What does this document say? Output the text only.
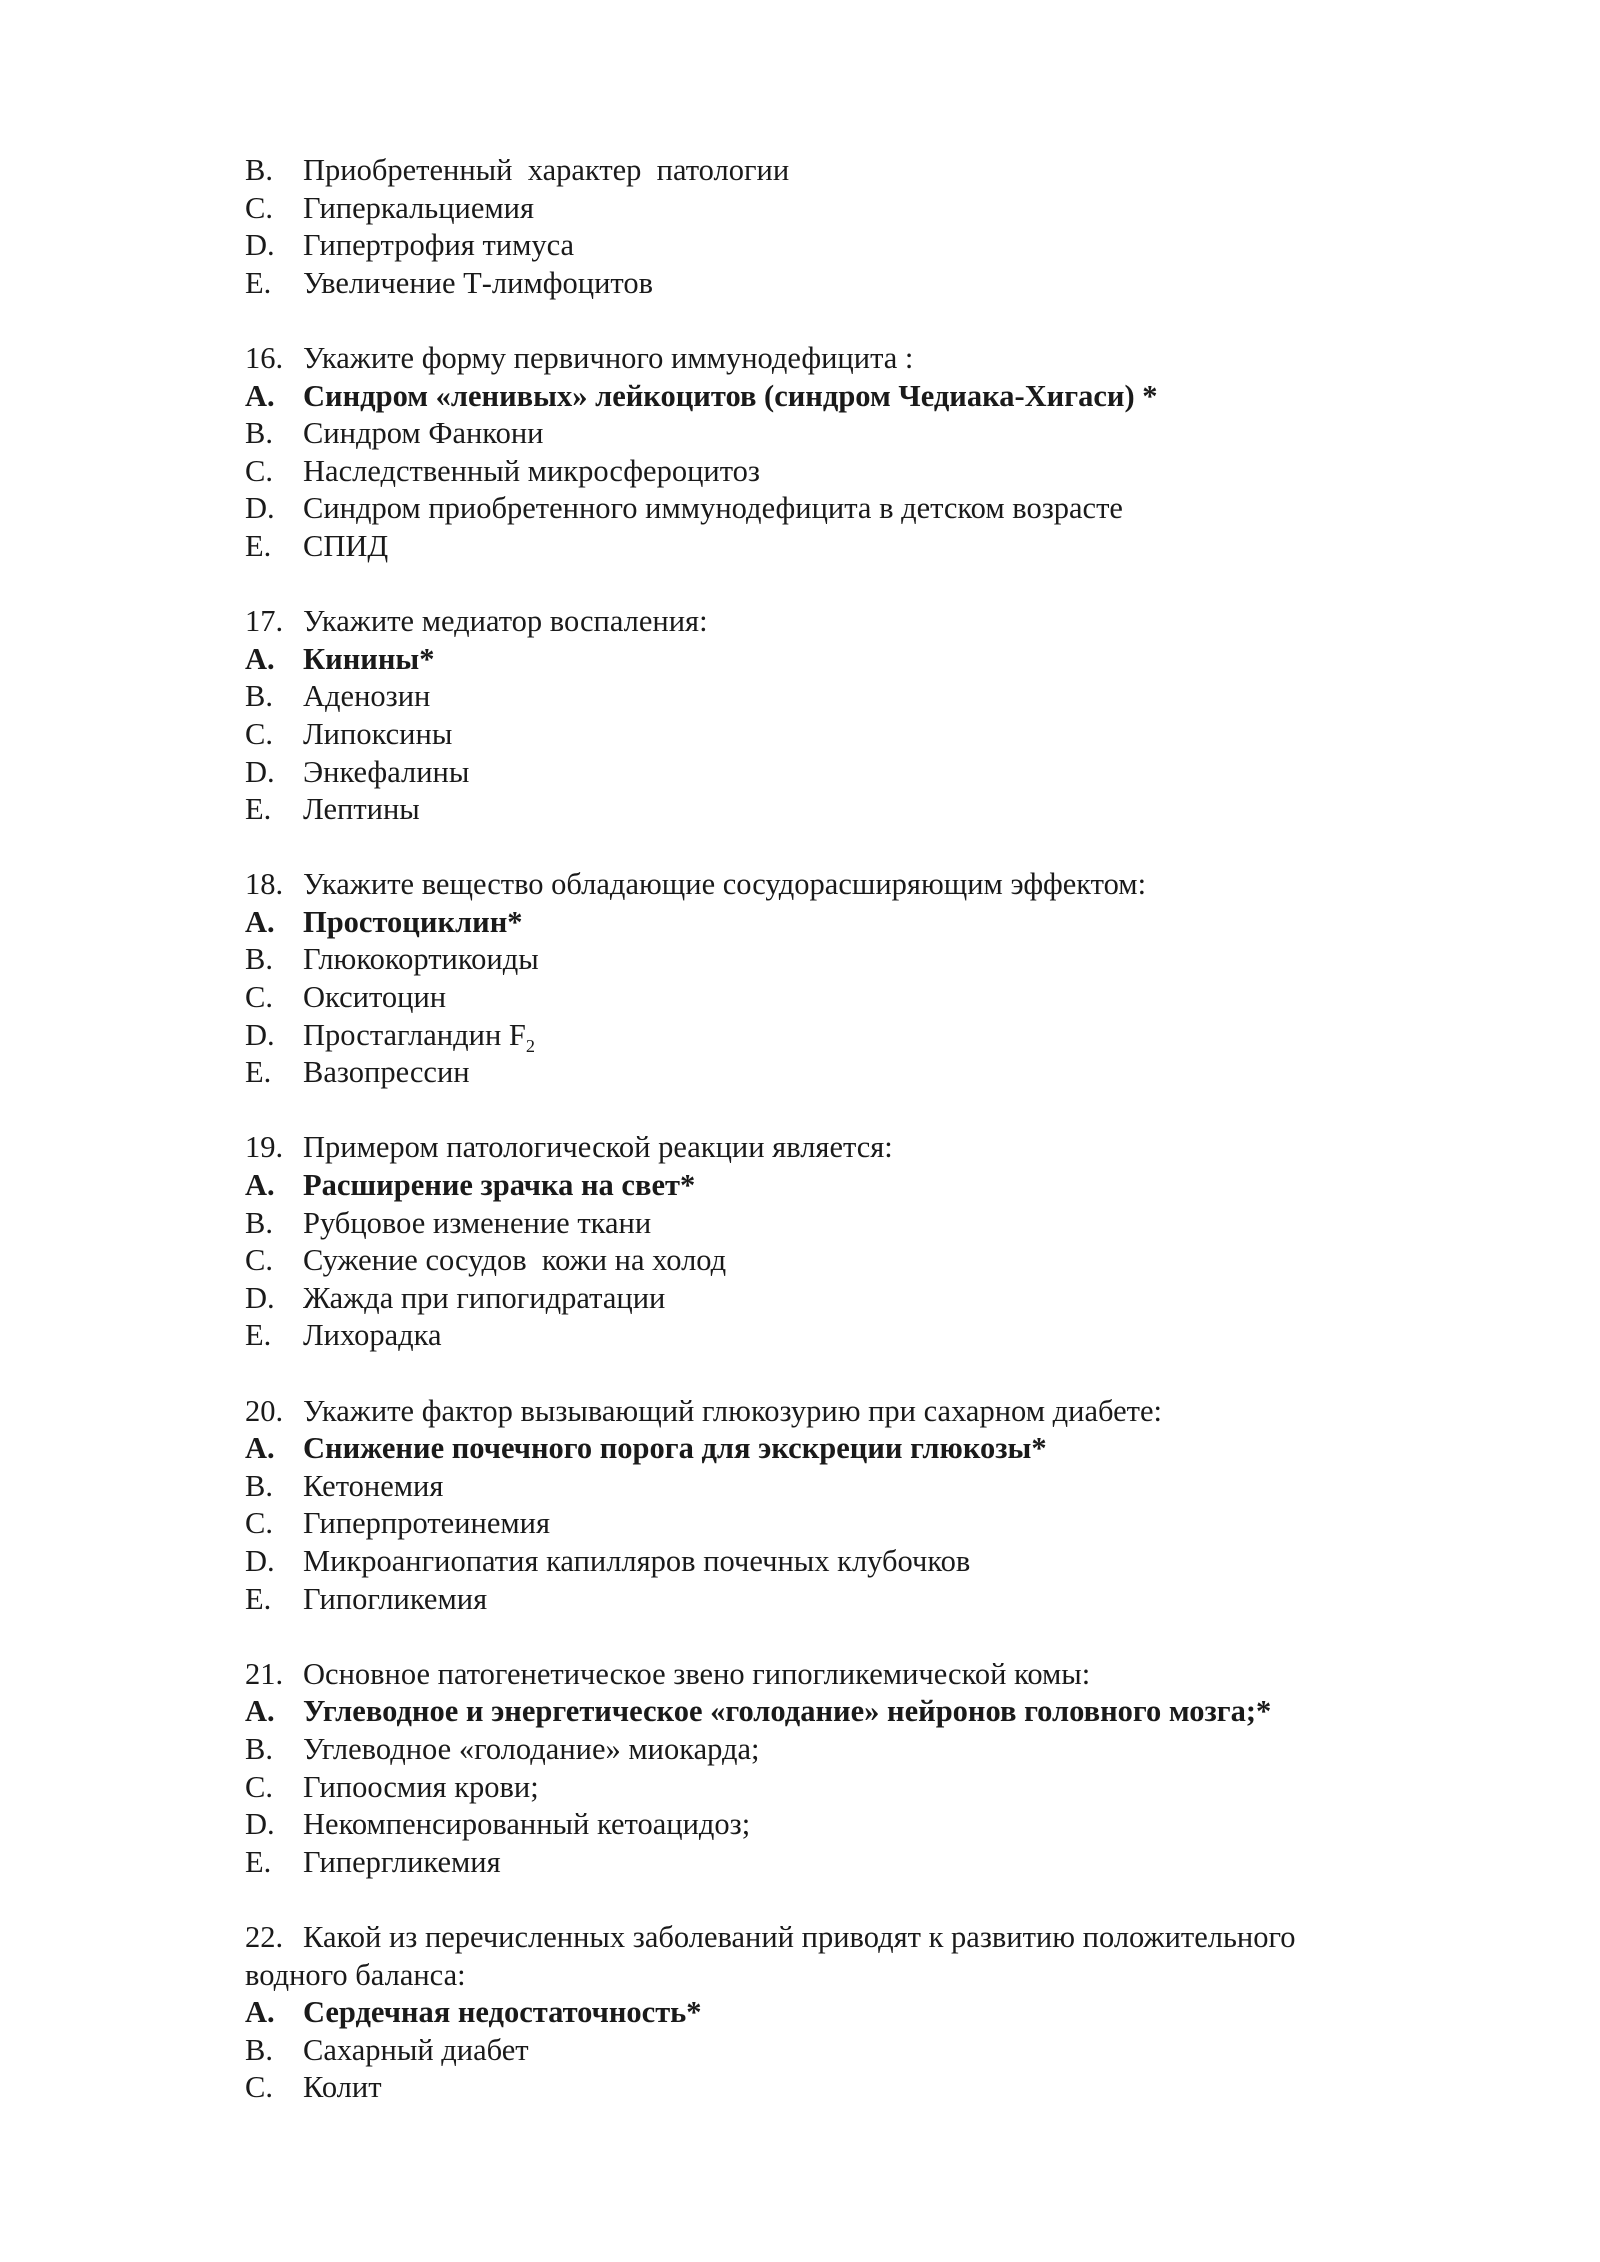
B. Приобретенный  характер  патологии
C. Гиперкальциемия
D. Гипертрофия тимуса
E.	Увеличение Т-лимфоцитов
16. Укажите форму первичного иммунодефицита :
A. Синдром «ленивых» лейкоцитов (синдром Чедиака-Хигаси) *
B. Синдром Фанкони
C. Наследственный микросфероцитоз
D. Синдром приобретенного иммунодефицита в детском возрасте
E.	СПИД
17. Укажите медиатор воспаления:
A. Кинины*
B. Аденозин
C. Липоксины
D. Энкефалины
E.	Лептины
18. Укажите вещество обладающие сосудорасширяющим эффектом:
A. Простоциклин*
B. Глюкокортикоиды
C. Окситоцин
D. Простагландин $F_2$
E.	Вазопрессин
19. Примером патологической реакции является:
A. Расширение зрачка на свет*
B. Рубцовое изменение ткани
C. Сужение сосудов  кожи на холод
D. Жажда при гипогидратации
E.	Лихорадка
20. Укажите фактор вызывающий глюкозурию при сахарном диабете:
A. Снижение почечного порога для экскреции глюкозы*
B. Кетонемия
C. Гиперпротеинемия
D. Микроангиопатия капилляров почечных клубочков
E.	Гипогликемия
21. Основное патогенетическое звено гипогликемической комы:
A. Углеводное и энергетическое «голодание» нейронов головного мозга;*
B. Углеводное «голодание» миокарда;
C. Гипоосмия крови;
D. Некомпенсированный кетоацидоз;
E.	Гипергликемия
22. Какой из перечисленных заболеваний приводят к развитию положительного
водного баланса:
A. Сердечная недостаточность*
B. Сахарный диабет
C. Колит
